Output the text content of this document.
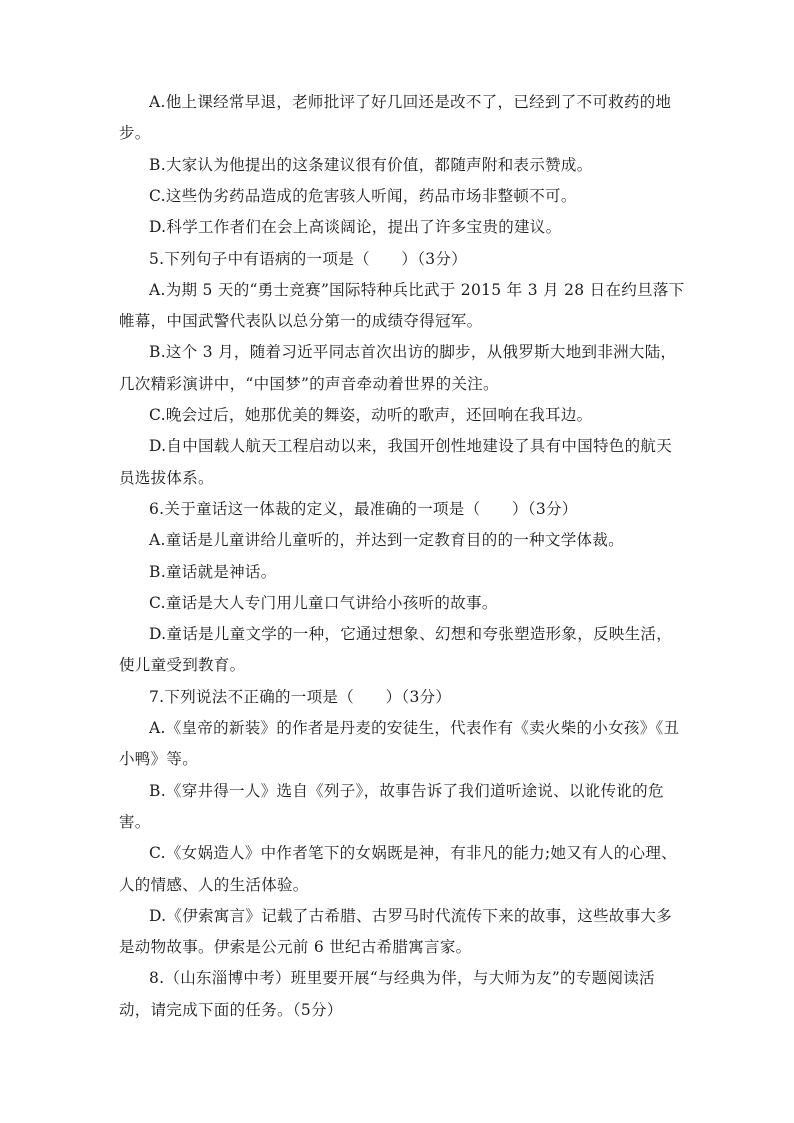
A.他上课经常早退，老师批评了好几回还是改不了，已经到了不可救药的地

步。

B.大家认为他提出的这条建议很有价值，都随声附和表示赞成。

C.这些伪劣药品造成的危害骇人听闻，药品市场非整顿不可。

D.科学工作者们在会上高谈阔论，提出了许多宝贵的建议。

5.下列句子中有语病的一项是（　　）（3分）

A.为期 5 天的“勇士竞赛”国际特种兵比武于 2015 年 3 月 28 日在约旦落下

帷幕，中国武警代表队以总分第一的成绩夺得冠军。

B.这个 3 月，随着习近平同志首次出访的脚步，从俄罗斯大地到非洲大陆，

几次精彩演讲中，“中国梦”的声音牵动着世界的关注。

C.晚会过后，她那优美的舞姿，动听的歌声，还回响在我耳边。

D.自中国载人航天工程启动以来，我国开创性地建设了具有中国特色的航天

员选拔体系。

6.关于童话这一体裁的定义，最准确的一项是（　　）（3分）

A.童话是儿童讲给儿童听的，并达到一定教育目的的一种文学体裁。

B.童话就是神话。

C.童话是大人专门用儿童口气讲给小孩听的故事。

D.童话是儿童文学的一种，它通过想象、幻想和夸张塑造形象，反映生活，

使儿童受到教育。

7.下列说法不正确的一项是（　　）（3分）

A.《皇帝的新装》的作者是丹麦的安徒生，代表作有《卖火柴的小女孩》《丑

小鸭》等。

B.《穿井得一人》选自《列子》，故事告诉了我们道听途说、以讹传讹的危

害。

C.《女娲造人》中作者笔下的女娲既是神，有非凡的能力;她又有人的心理、

人的情感、人的生活体验。

D.《伊索寓言》记载了古希腊、古罗马时代流传下来的故事，这些故事大多

是动物故事。伊索是公元前 6 世纪古希腊寓言家。

8.（山东淄博中考）班里要开展“与经典为伴，与大师为友”的专题阅读活

动，请完成下面的任务。（5分）
